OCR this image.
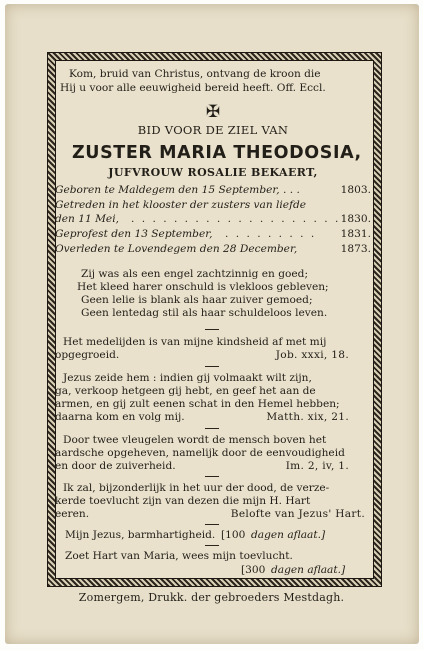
Kom, bruid van Christus, ontvang de kroon die
Hij u voor alle eeuwigheid bereid heeft. Off. Eccl.
✠
BID VOOR DE ZIEL VAN
ZUSTER MARIA THEODOSIA,
JUFVROUW ROSALIE BEKAERT,
Geboren te Maldegem den 15 September, . . .	1803.
Getreden in het klooster der zusters van liefde
den 11 Mei, . . . . . . . . . . . . . . . . . . . . 1830.
Geprofest den 13 September, . . . . . . . . . 1831.
Overleden te Lovendegem den 28 December,	1873.
Zij was als een engel zachtzinnig en goed;
Het kleed harer onschuld is vlekloos gebleven;
Geen lelie is blank als haar zuiver gemoed;
Geen lentedag stil als haar schuldeloos leven.
Het medelijden is van mijne kindsheid af met mij
opgegroeid.	Job. xxxi, 18.
Jezus zeide hem : indien gij volmaakt wilt zijn,
ga, verkoop hetgeen gij hebt, en geef het aan de
armen, en gij zult eenen schat in den Hemel hebben;
daarna kom en volg mij.	Matth. xix, 21.
Door twee vleugelen wordt de mensch boven het
aardsche opgeheven, namelijk door de eenvoudigheid
en door de zuiverheid.	Im. 2, iv, 1.
Ik zal, bijzonderlijk in het uur der dood, de verze-
kerde toevlucht zijn van dezen die mijn H. Hart
eeren.	Belofte van Jezus' Hart.
Mijn Jezus, barmhartigheid. [100 dagen aflaat.]
Zoet Hart van Maria, wees mijn toevlucht.
[300 dagen aflaat.]
Zomergem, Drukk. der gebroeders Mestdagh.
